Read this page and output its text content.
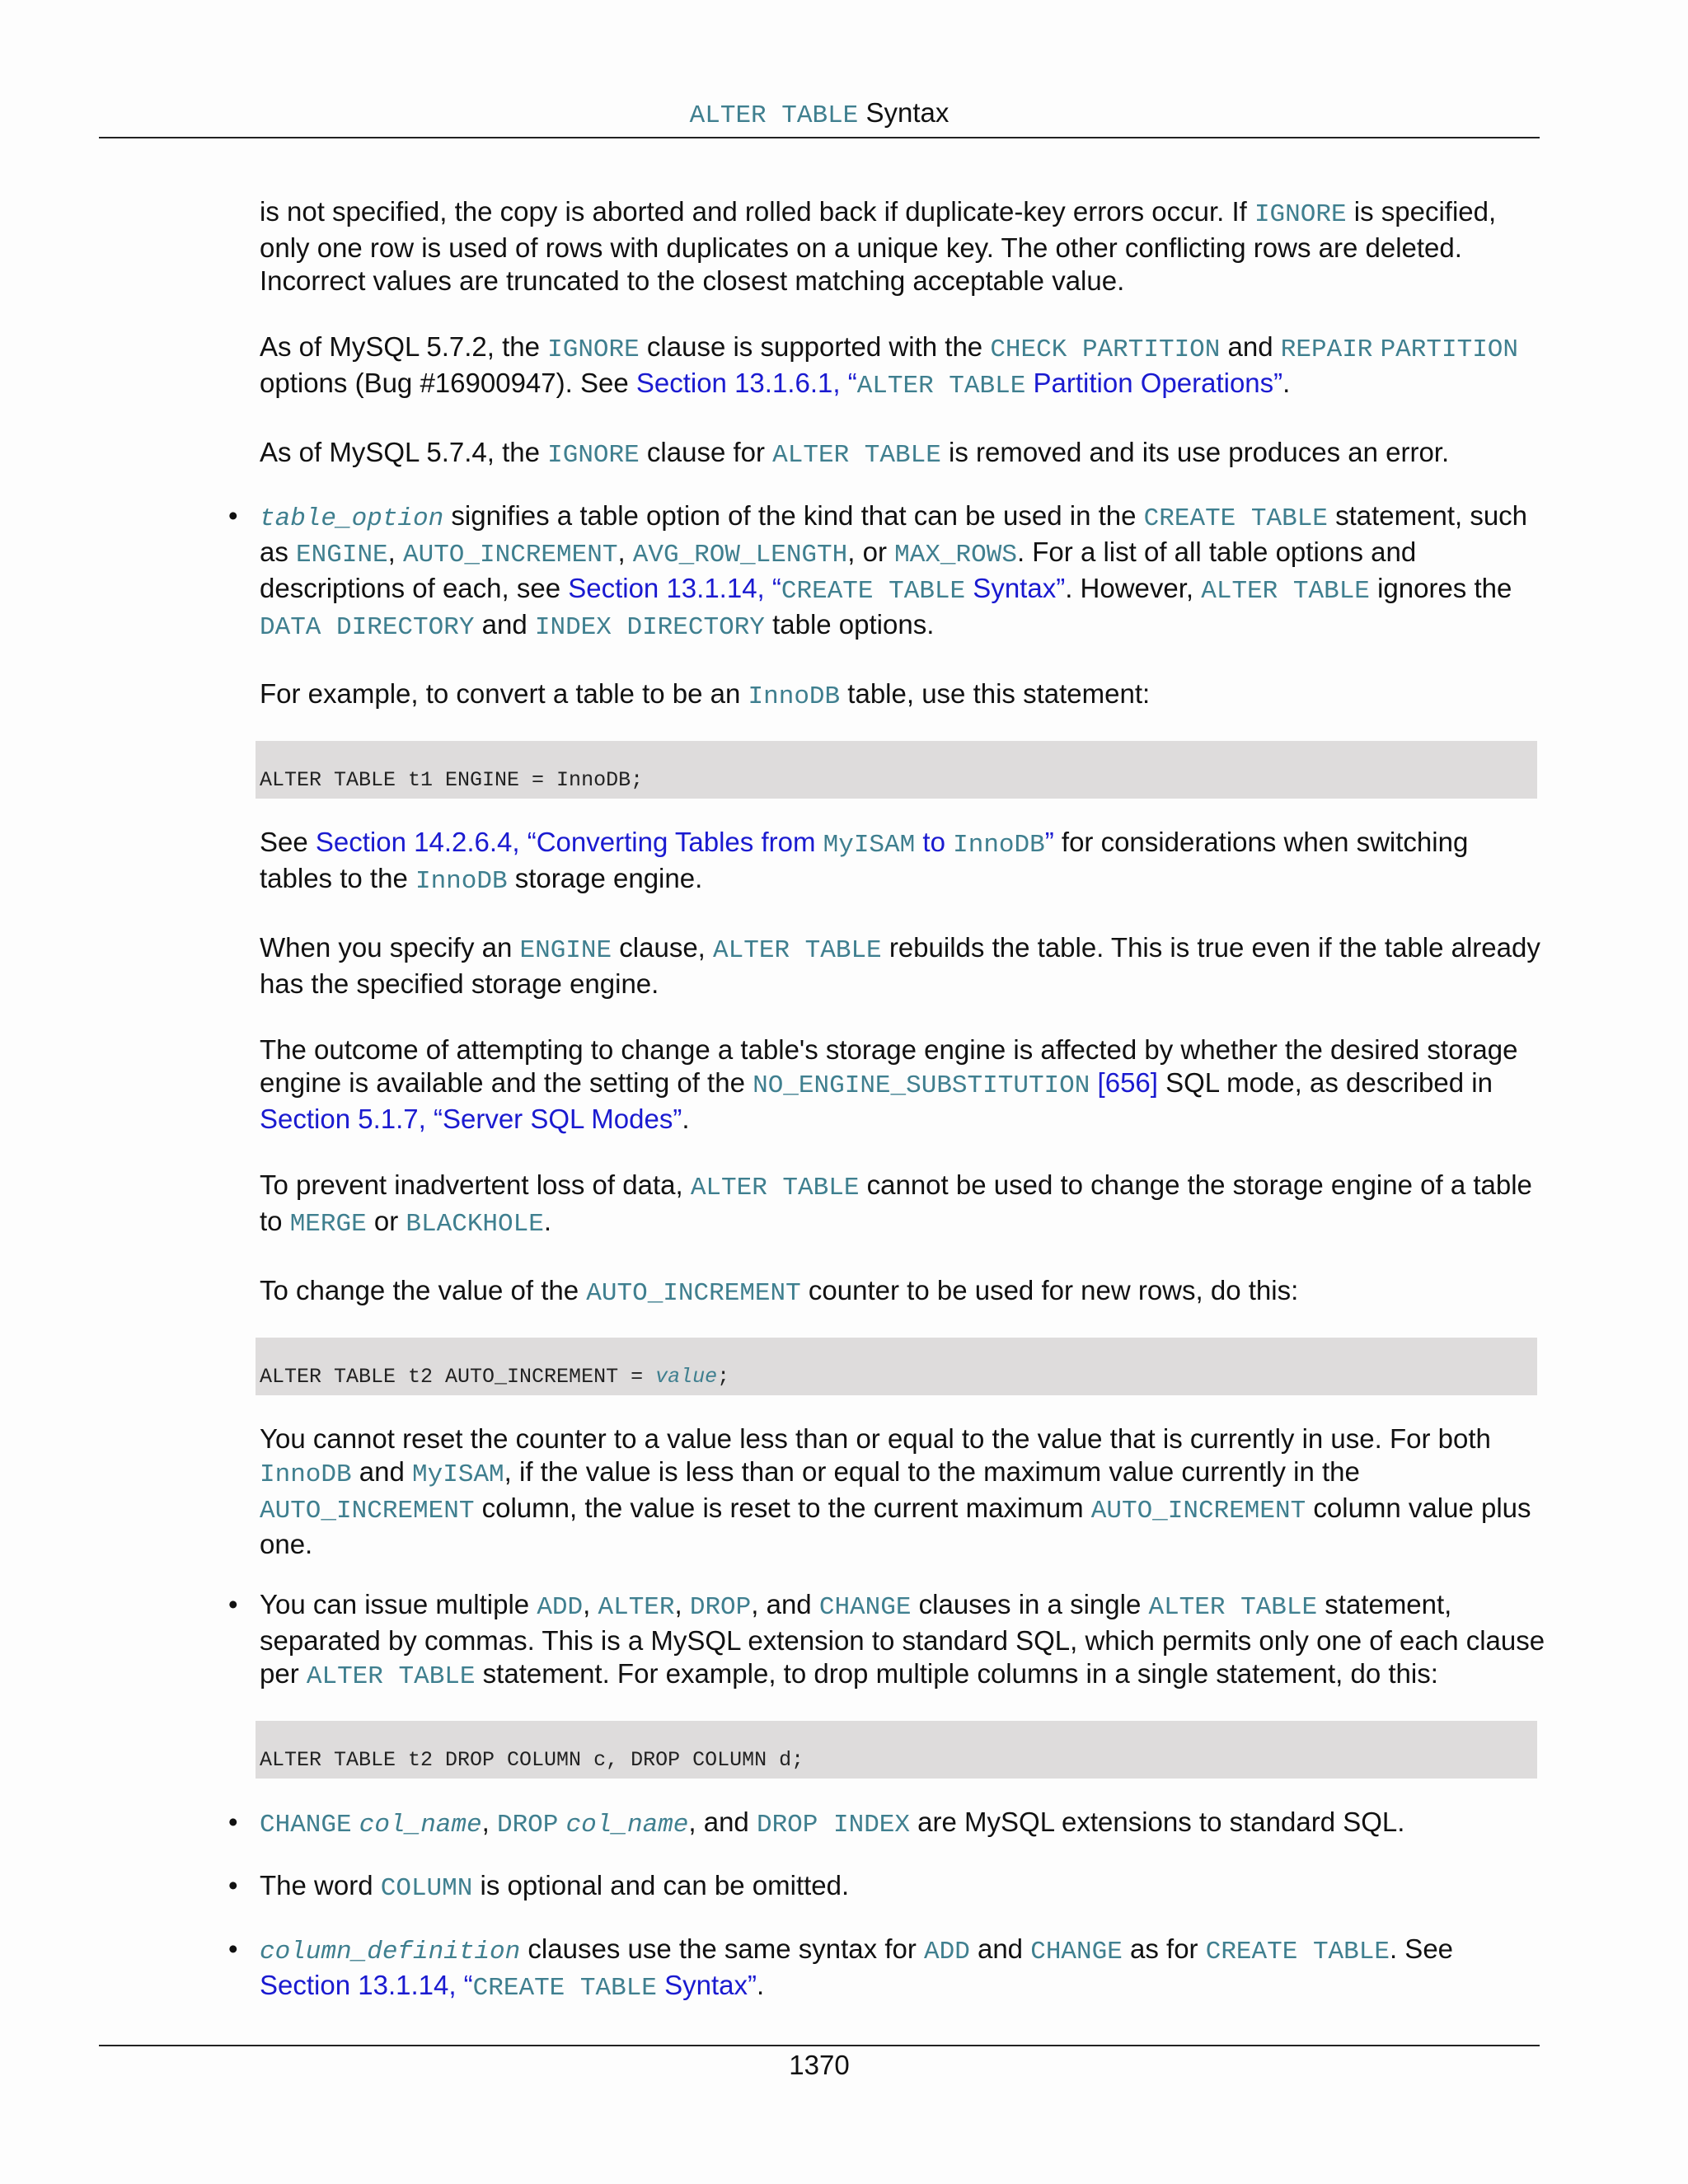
ALTER TABLE Syntax

is not specified, the copy is aborted and rolled back if duplicate-key errors occur. If IGNORE is specified, only one row is used of rows with duplicates on a unique key. The other conflicting rows are deleted. Incorrect values are truncated to the closest matching acceptable value.

As of MySQL 5.7.2, the IGNORE clause is supported with the CHECK PARTITION and REPAIR PARTITION options (Bug #16900947). See Section 13.1.6.1, “ALTER TABLE Partition Operations”.

As of MySQL 5.7.4, the IGNORE clause for ALTER TABLE is removed and its use produces an error.

• table_option signifies a table option of the kind that can be used in the CREATE TABLE statement, such as ENGINE, AUTO_INCREMENT, AVG_ROW_LENGTH, or MAX_ROWS. For a list of all table options and descriptions of each, see Section 13.1.14, “CREATE TABLE Syntax”. However, ALTER TABLE ignores the DATA DIRECTORY and INDEX DIRECTORY table options.

For example, to convert a table to be an InnoDB table, use this statement:

ALTER TABLE t1 ENGINE = InnoDB;

See Section 14.2.6.4, “Converting Tables from MyISAM to InnoDB” for considerations when switching tables to the InnoDB storage engine.

When you specify an ENGINE clause, ALTER TABLE rebuilds the table. This is true even if the table already has the specified storage engine.

The outcome of attempting to change a table's storage engine is affected by whether the desired storage engine is available and the setting of the NO_ENGINE_SUBSTITUTION [656] SQL mode, as described in Section 5.1.7, “Server SQL Modes”.

To prevent inadvertent loss of data, ALTER TABLE cannot be used to change the storage engine of a table to MERGE or BLACKHOLE.

To change the value of the AUTO_INCREMENT counter to be used for new rows, do this:

ALTER TABLE t2 AUTO_INCREMENT = value;

You cannot reset the counter to a value less than or equal to the value that is currently in use. For both InnoDB and MyISAM, if the value is less than or equal to the maximum value currently in the AUTO_INCREMENT column, the value is reset to the current maximum AUTO_INCREMENT column value plus one.

• You can issue multiple ADD, ALTER, DROP, and CHANGE clauses in a single ALTER TABLE statement, separated by commas. This is a MySQL extension to standard SQL, which permits only one of each clause per ALTER TABLE statement. For example, to drop multiple columns in a single statement, do this:

ALTER TABLE t2 DROP COLUMN c, DROP COLUMN d;

• CHANGE col_name, DROP col_name, and DROP INDEX are MySQL extensions to standard SQL.

• The word COLUMN is optional and can be omitted.

• column_definition clauses use the same syntax for ADD and CHANGE as for CREATE TABLE. See Section 13.1.14, “CREATE TABLE Syntax”.

1370
